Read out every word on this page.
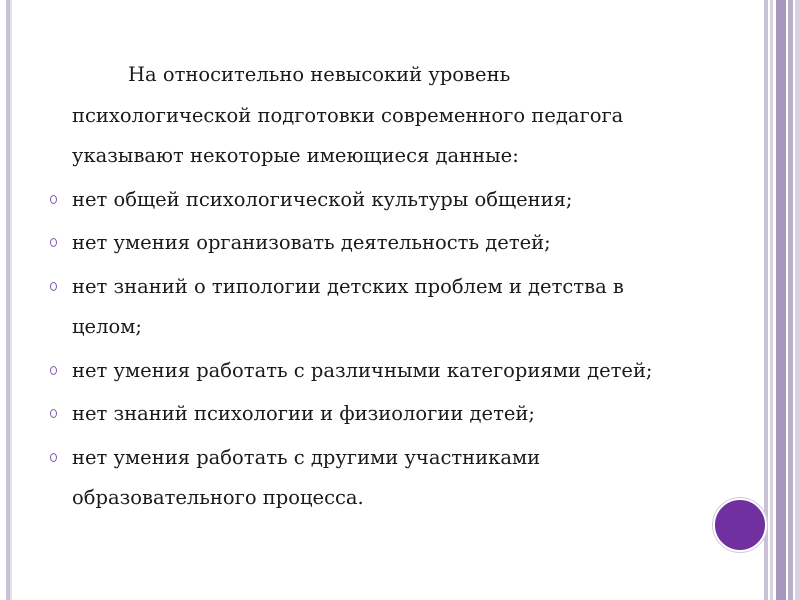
На относительно невысокий уровень
психологической подготовки современного педагога
указывают некоторые имеющиеся данные:
нет общей психологической культуры общения;
нет умения организовать деятельность детей;
нет знаний о типологии детских проблем и детства в
целом;
нет умения работать с различными категориями детей;
нет знаний психологии и физиологии детей;
нет умения работать с другими участниками
образовательного процесса.
